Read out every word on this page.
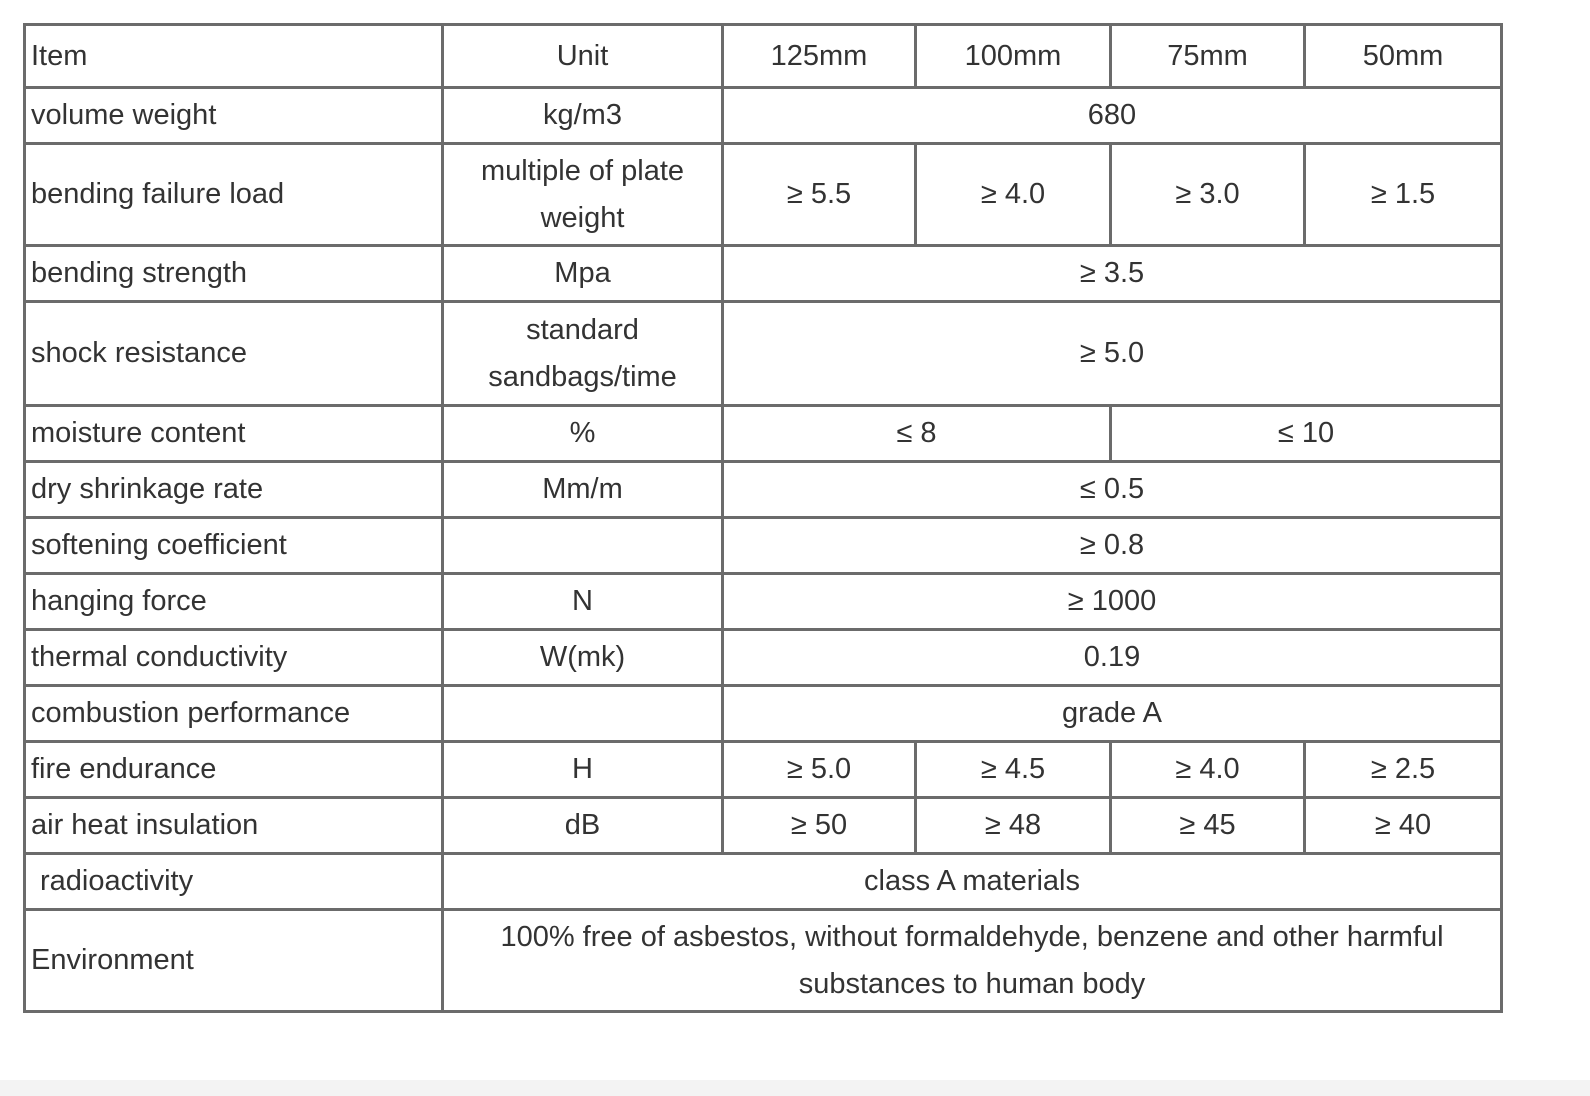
Item	Unit	125mm	100mm	75mm	50mm
volume weight	kg/m3	680			
bending failure load	multiple of plate weight	≥ 5.5	≥ 4.0	≥ 3.0	≥ 1.5
bending strength	Mpa	≥ 3.5			
shock resistance	standard sandbags/time	≥ 5.0			
moisture content	%	≤ 8		≤ 10	
dry shrinkage rate	Mm/m	≤ 0.5			
softening coefficient		≥ 0.8			
hanging force	N	≥ 1000			
thermal conductivity	W(mk)	0.19			
combustion performance		grade A			
fire endurance	H	≥ 5.0	≥ 4.5	≥ 4.0	≥ 2.5
air heat insulation	dB	≥ 50	≥ 48	≥ 45	≥ 40
radioactivity	class A materials				
Environment	100% free of asbestos, without formaldehyde, benzene and other harmful substances to human body				
